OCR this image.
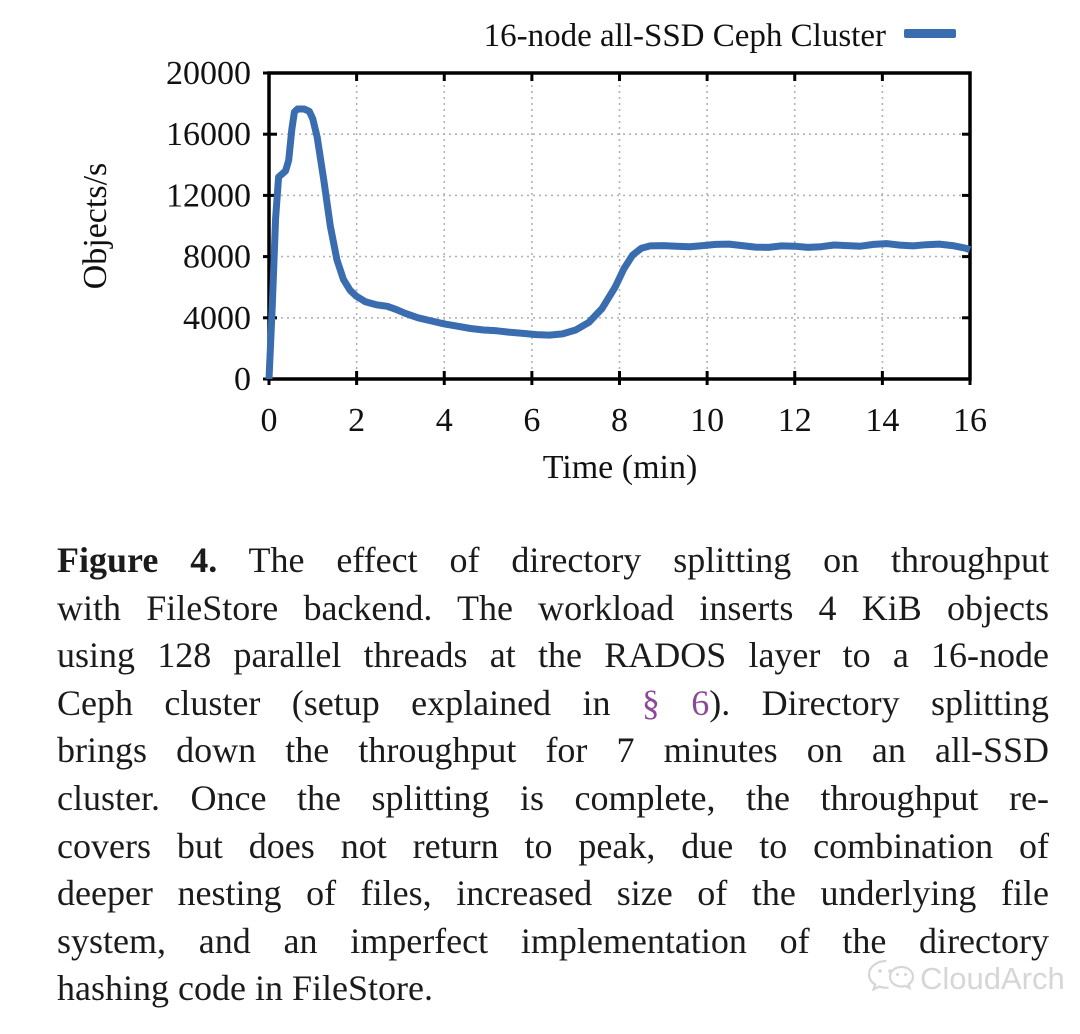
0 2 4 6 8 10 12 14 16
0
4000
8000
12000
16000
20000
Time (min)
Objects/s
16-node all-SSD Ceph Cluster
Figure 4. The effect of directory splitting on throughput
with FileStore backend. The workload inserts 4 KiB objects
using 128 parallel threads at the RADOS layer to a 16-node
Ceph cluster (setup explained in § 6). Directory splitting
brings down the throughput for 7 minutes on an all-SSD
cluster. Once the splitting is complete, the throughput re-
covers but does not return to peak, due to combination of
deeper nesting of files, increased size of the underlying file
system, and an imperfect implementation of the directory
hashing code in FileStore.	CloudArch
